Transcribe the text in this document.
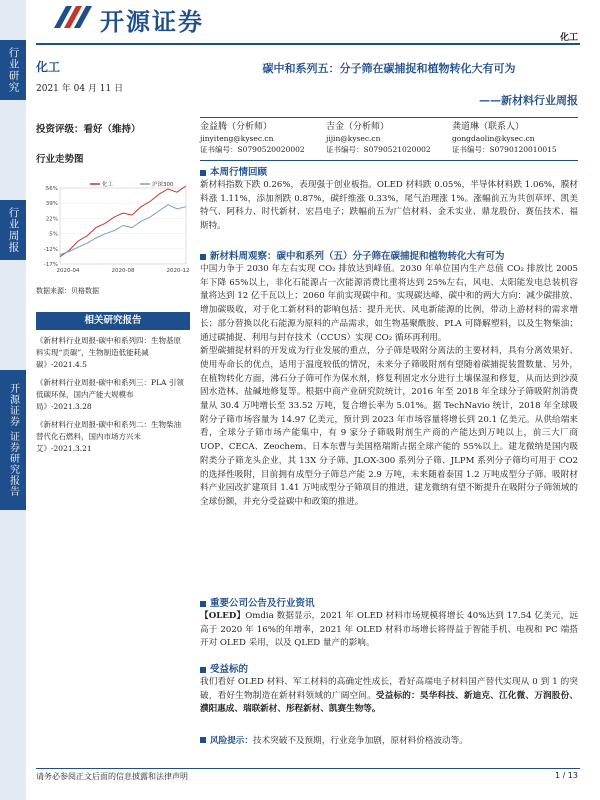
行业研究
行业周报
开源证券 证券研究报告
开源证券
化工
化工
2021 年 04 月 11 日
投资评级：看好（维持）
行业走势图
56%
39%
22%
5%
-12%
-17%
2020-04	2020-08	2020-12
化工	沪深300
数据来源：贝格数据
相关研究报告
《新材料行业周报-碳中和系列四：生物基原料实现“贡碳”，生物制造低能耗减碳》-2021.4.5
《新材料行业周报-碳中和系列三：PLA 引领低碳环保，国内产能大规模布局》-2021.3.28
《新材料行业周报-碳中和系列二：生物柴油替代化石燃料，国内市场方兴未艾》-2021.3.21
碳中和系列五：分子筛在碳捕捉和植物转化大有可为
——新材料行业周报
金益腾（分析师）
jinyiteng@kysec.cn
证书编号：S0790520020002
吉金（分析师）
jijin@kysec.cn
证书编号：S0790521020002
龚道琳（联系人）
gongdaolin@kysec.cn
证书编号：S0790120010015
本周行情回顾
新材料指数下跌 0.26%，表现强于创业板指。OLED 材料跌 0.05%，半导体材料跌 1.06%，膜材料涨 1.11%，添加剂跌 0.87%，碳纤维涨 0.33%，尾气治理涨 1%。涨幅前五为共创草坪、凯美特气、阿科力、时代新材、宏昌电子；跌幅前五为广信材料、金禾实业、鼎龙股份、赛伍技术、福斯特。
新材料周观察：碳中和系列（五）分子筛在碳捕捉和植物转化大有可为
中国力争于 2030 年左右实现 CO₂ 排放达到峰值。2030 年单位国内生产总值 CO₂ 排放比 2005 年下降 65%以上，非化石能源占一次能源消费比重将达到 25%左右，风电、太阳能发电总装机容量将达到 12 亿千瓦以上；2060 年前实现碳中和。实现碳达峰、碳中和的两大方向：减少碳排放、增加碳吸收，对于化工新材料的影响包括：提升光伏、风电新能源的比例，带动上游材料的需求增长；部分替换以化石能源为原料的产品需求，如生物基聚酰胺、PLA 可降解塑料，以及生物柴油；通过碳捕捉、利用与封存技术（CCUS）实现 CO₂ 循环再利用。
新型碳捕捉材料的开发成为行业发展的重点，分子筛是吸附分离法的主要材料，具有分离效果好、使用寿命长的优点，适用于温度较低的情况，未来分子筛吸附剂有望随着碳捕捉装置数量、另外，在植物转化方面，沸石分子筛可作为保水剂，修复利固定水分进行土壤保湿和修复，从而达到沙漠固水造林、盐碱地修复等。根据中商产业研究院统计，2016 年至 2018 年全球分子筛吸附剂消费量从 30.4 万吨增长至 33.52 万吨，复合增长率为 5.01%。据 TechNavio 统计，2018 年全球吸附分子筛市场容量为 14.97 亿美元，预计到 2023 年市场容量将增长到 20.1 亿美元。从供给端来看，全球分子筛市场产能集中，有 9 家分子筛吸附剂生产商的产能达到万吨以上，前三大厂商 UOP、CECA、Zeochem、日本东曹与美国格瑞斯占据全球产能的 55%以上。建龙微纳是国内吸附类分子筛龙头企业，其 13X 分子筛、JLOX-300 系列分子筛、JLPM 系列分子筛均可用于 CO2 的选择性吸附，目前拥有成型分子筛总产能 2.9 万吨，未来随着泰国 1.2 万吨成型分子筛、吸附材料产业园改扩建项目 1.41 万吨成型分子筛项目的推进，建龙微纳有望不断提升在吸附分子筛领域的全球份额，并充分受益碳中和政策的推进。
重要公司公告及行业资讯
【OLED】Omdia 数据显示，2021 年 OLED 材料市场规模将增长 40%达到 17.54 亿美元，远高于 2020 年 16%的年增率，2021 年 OLED 材料市场增长将得益于智能手机、电视和 PC 端搭开对 OLED 采用，以及 QLED 量产的影响。
受益标的
我们看好 OLED 材料、军工材料的高确定性成长，看好高端电子材料国产替代实现从 0 到 1 的突破，看好生物制造在新材料领域的广阔空间。受益标的：昊华科技、新迪克、江化微、万润股份、濮阳惠成、瑞联新材、彤程新材、凯赛生物等。
风险提示：技术突破不及预期，行业竞争加剧，原材料价格波动等。
请务必参阅正文后面的信息披露和法律声明	1 / 13
